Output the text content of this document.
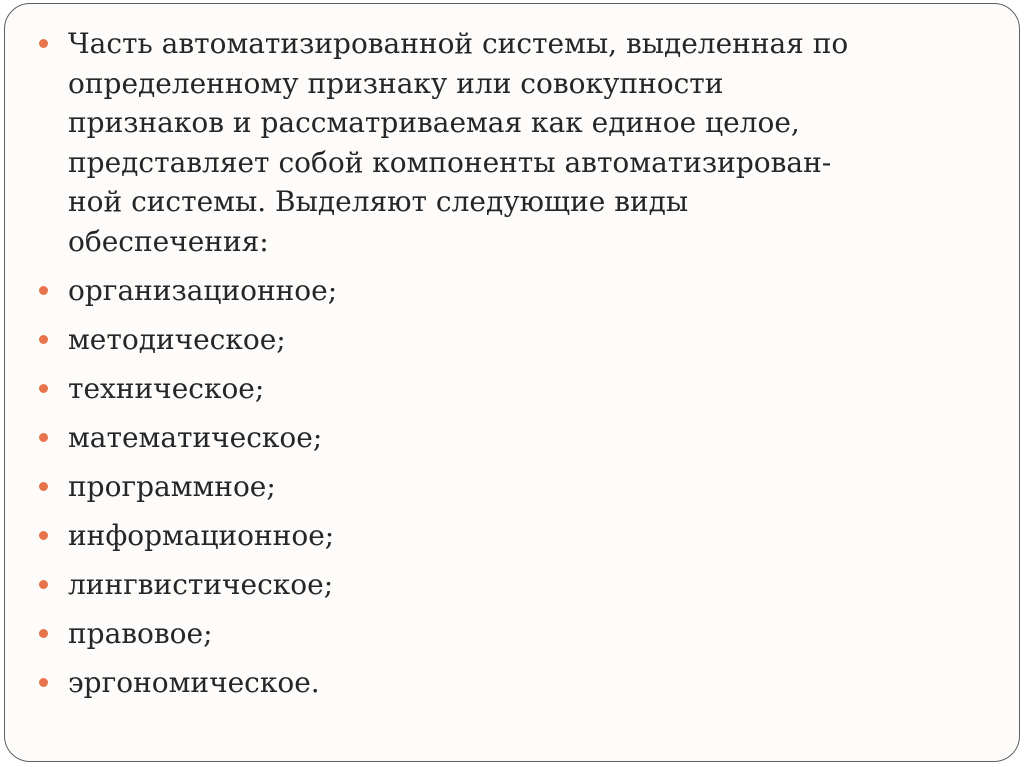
Часть автоматизированной системы, выделенная по
определенному признаку или совокупности
признаков и рассматриваемая как единое целое,
представляет собой компоненты автоматизирован-
ной системы. Выделяют следующие виды
обеспечения:
организационное;
методическое;
техническое;
математическое;
программное;
информационное;
лингвистическое;
правовое;
эргономическое.
